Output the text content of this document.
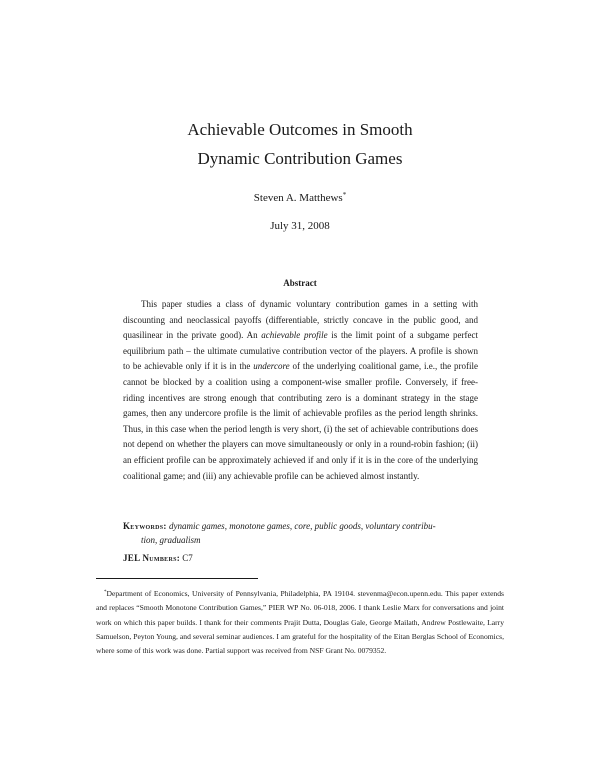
Achievable Outcomes in Smooth
Dynamic Contribution Games
Steven A. Matthews*
July 31, 2008
Abstract

This paper studies a class of dynamic voluntary contribution games in a setting with discounting and neoclassical payoffs (differentiable, strictly concave in the public good, and quasilinear in the private good). An achievable profile is the limit point of a subgame perfect equilibrium path – the ultimate cumulative contribution vector of the players. A profile is shown to be achievable only if it is in the undercore of the underlying coalitional game, i.e., the profile cannot be blocked by a coalition using a component-wise smaller profile. Conversely, if free-riding incentives are strong enough that contributing zero is a dominant strategy in the stage games, then any undercore profile is the limit of achievable profiles as the period length shrinks. Thus, in this case when the period length is very short, (i) the set of achievable contributions does not depend on whether the players can move simultaneously or only in a round-robin fashion; (ii) an efficient profile can be approximately achieved if and only if it is in the core of the underlying coalitional game; and (iii) any achievable profile can be achieved almost instantly.

Keywords: dynamic games, monotone games, core, public goods, voluntary contribu-
tion, gradualism
JEL Numbers: C7

*Department of Economics, University of Pennsylvania, Philadelphia, PA 19104. stevenma@econ.upenn.edu. This paper extends and replaces “Smooth Monotone Contribution Games,” PIER WP No. 06-018, 2006. I thank Leslie Marx for conversations and joint work on which this paper builds. I thank for their comments Prajit Dutta, Douglas Gale, George Mailath, Andrew Postlewaite, Larry Samuelson, Peyton Young, and several seminar audiences. I am grateful for the hospitality of the Eitan Berglas School of Economics, where some of this work was done. Partial support was received from NSF Grant No. 0079352.
